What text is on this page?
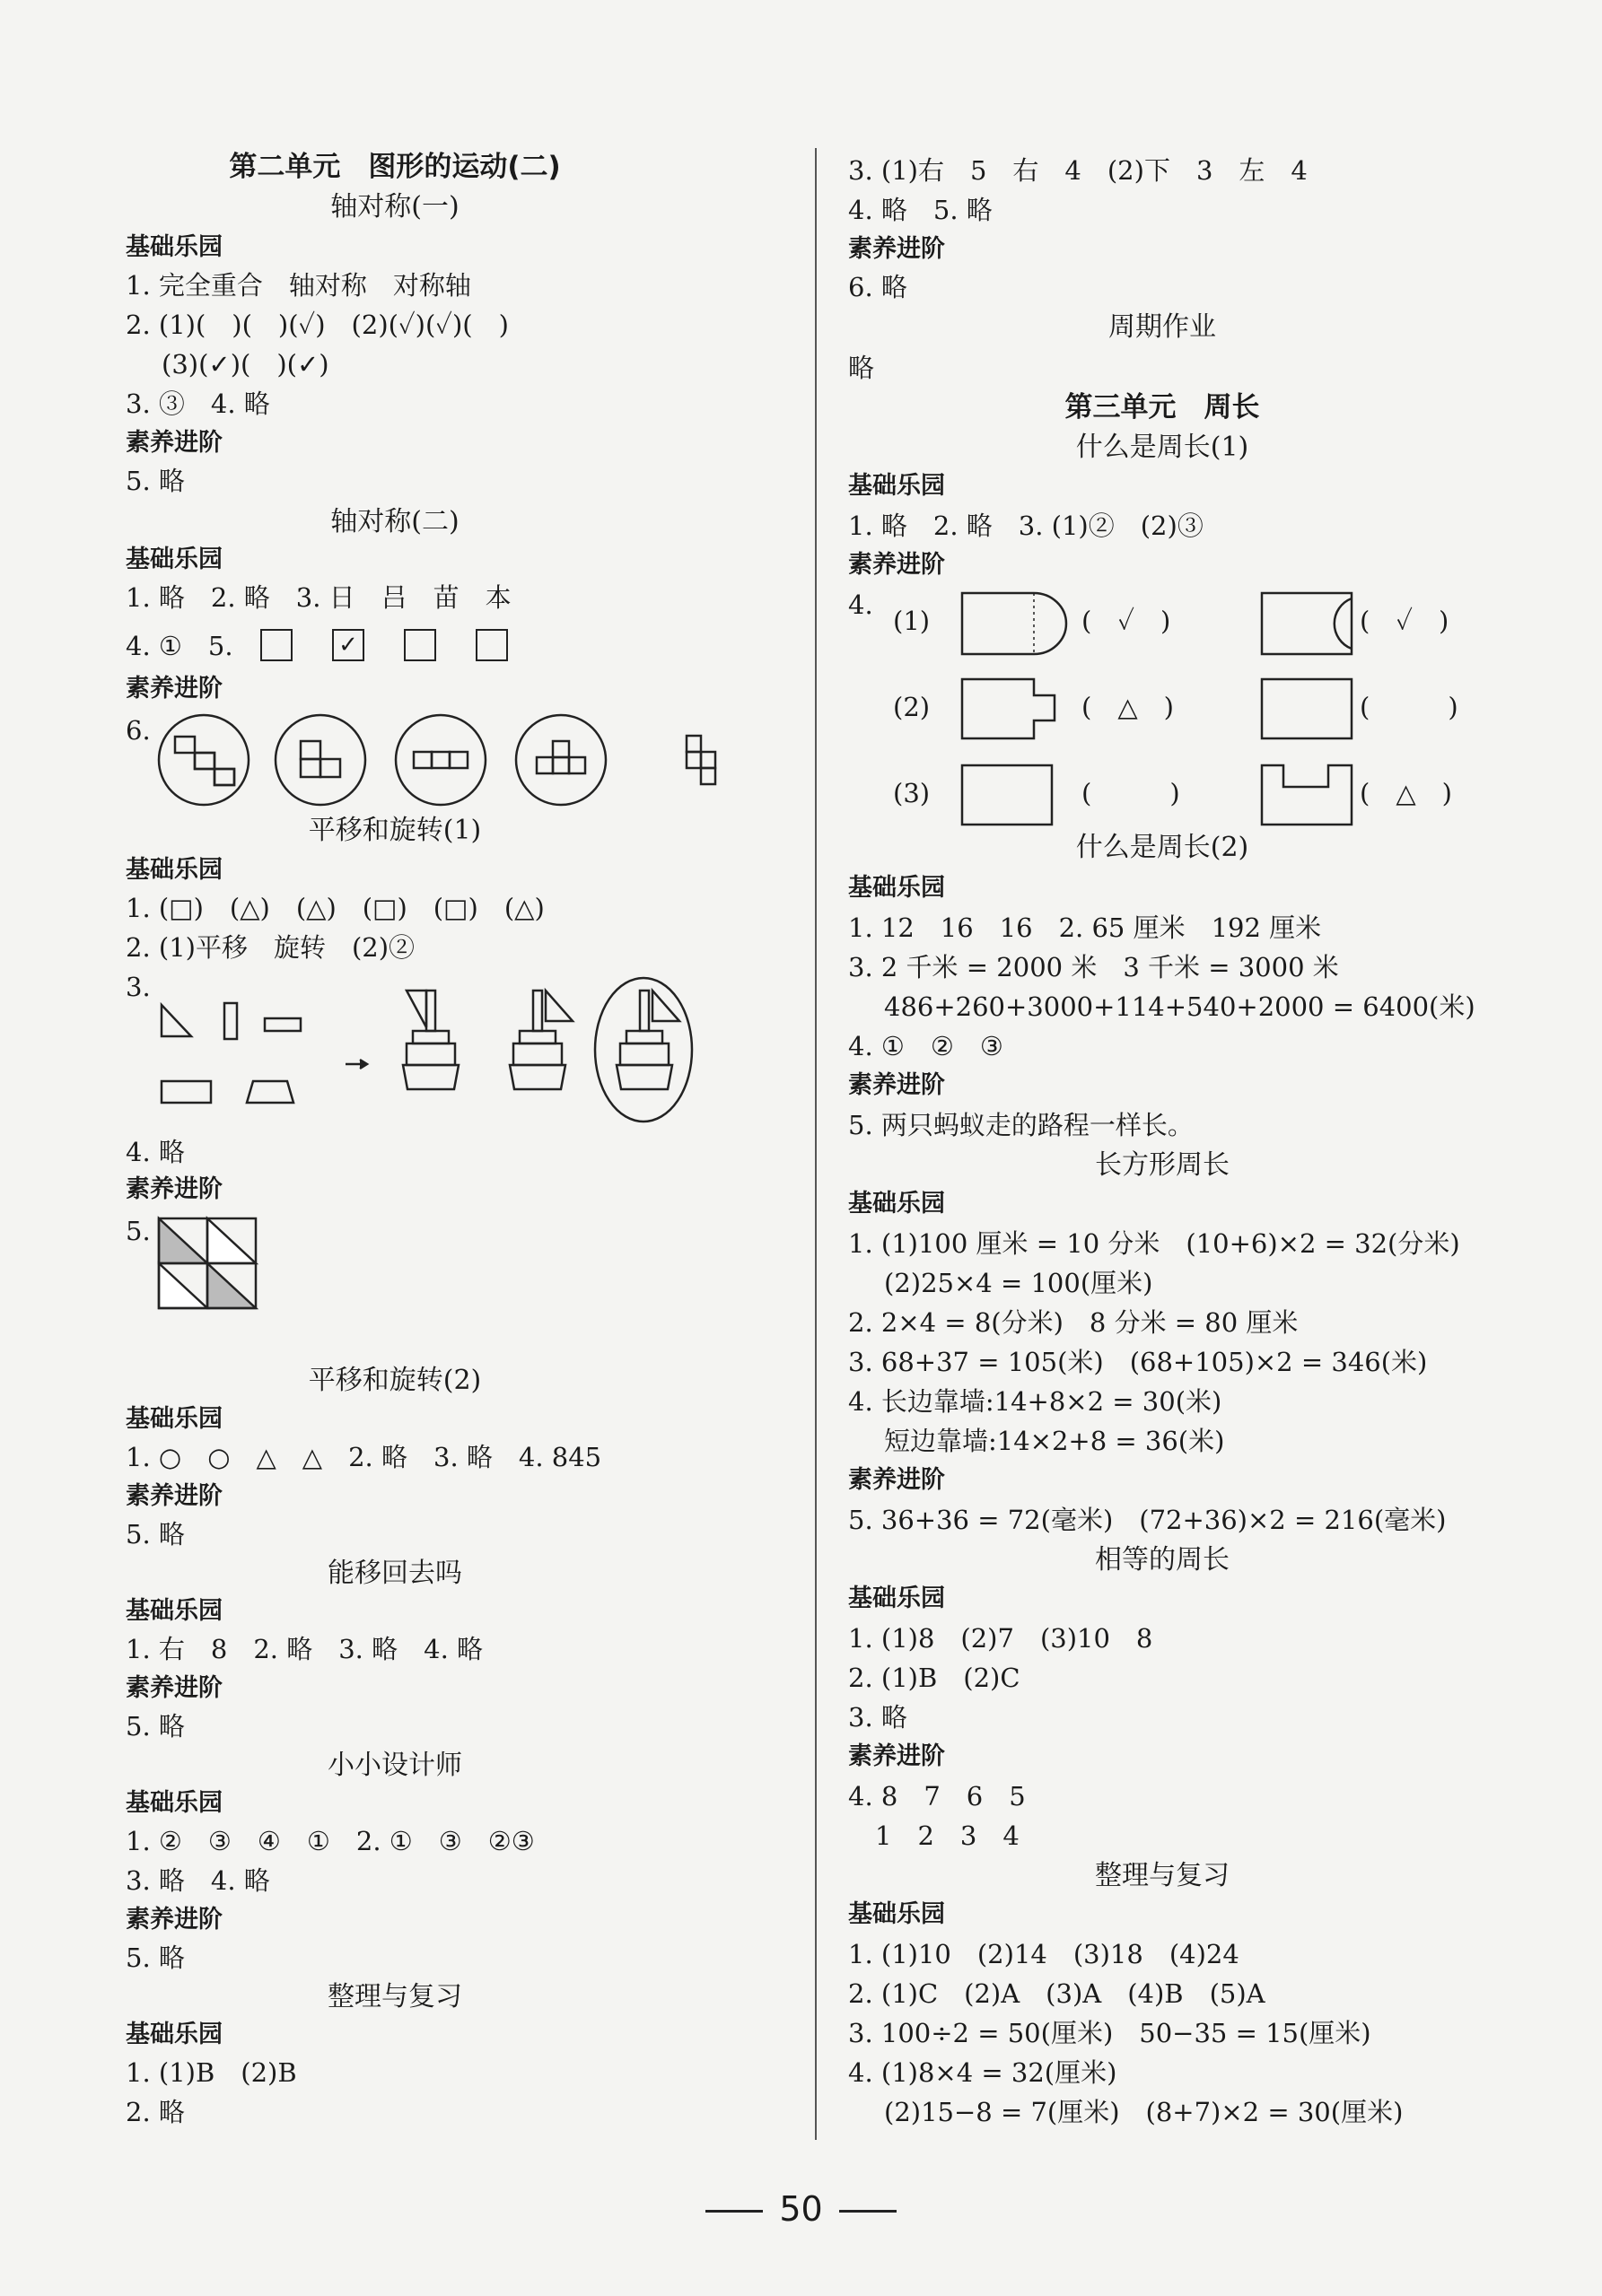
第二单元　图形的运动(二)
轴对称(一)
基础乐园
1. 完全重合　轴对称　对称轴
2. (1)(　)(　)(✓)　(2)(✓)(✓)(　)
(3)(✓)(　)(✓)
3. ③　4. 略
素养进阶
5. 略
轴对称(二)
基础乐园
1. 略　2. 略　3. 日　吕　苗　本
4. ①　5.	✓
素养进阶
6.
平移和旋转(1)
基础乐园
1. (□)　(△)　(△)　(□)　(□)　(△)
2. (1)平移　旋转　(2)②
3.
4. 略
素养进阶
5.
平移和旋转(2)
基础乐园
1. ○　○　△　△　2. 略　3. 略　4. 845
素养进阶
5. 略
能移回去吗
基础乐园
1. 右　8　2. 略　3. 略　4. 略
素养进阶
5. 略
小小设计师
基础乐园
1. ②　③　④　①　2. ①　③　②③
3. 略　4. 略
素养进阶
5. 略
整理与复习
基础乐园
1. (1)B　(2)B
2. 略
3. (1)右　5　右　4　(2)下　3　左　4
4. 略　5. 略
素养进阶
6. 略
周期作业
略
第三单元　周长
什么是周长(1)
基础乐园
1. 略　2. 略　3. (1)②　(2)③
素养进阶
4.
(1)	(　✓　)	(　✓　)
(2)	(　△　)	(　　　)
(3)	(　　　)	(　△　)
什么是周长(2)
基础乐园
1. 12　16　16　2. 65 厘米　192 厘米
3. 2 千米 = 2000 米　3 千米 = 3000 米
486+260+3000+114+540+2000 = 6400(米)
4. ①　②　③
素养进阶
5. 两只蚂蚁走的路程一样长。
长方形周长
基础乐园
1. (1)100 厘米 = 10 分米　(10+6)×2 = 32(分米)
(2)25×4 = 100(厘米)
2. 2×4 = 8(分米)　8 分米 = 80 厘米
3. 68+37 = 105(米)　(68+105)×2 = 346(米)
4. 长边靠墙:14+8×2 = 30(米)
短边靠墙:14×2+8 = 36(米)
素养进阶
5. 36+36 = 72(毫米)　(72+36)×2 = 216(毫米)
相等的周长
基础乐园
1. (1)8　(2)7　(3)10　8
2. (1)B　(2)C
3. 略
素养进阶
4. 8　7　6　5
1　2　3　4
整理与复习
基础乐园
1. (1)10　(2)14　(3)18　(4)24
2. (1)C　(2)A　(3)A　(4)B　(5)A
3. 100÷2 = 50(厘米)　50−35 = 15(厘米)
4. (1)8×4 = 32(厘米)
(2)15−8 = 7(厘米)　(8+7)×2 = 30(厘米)
50
